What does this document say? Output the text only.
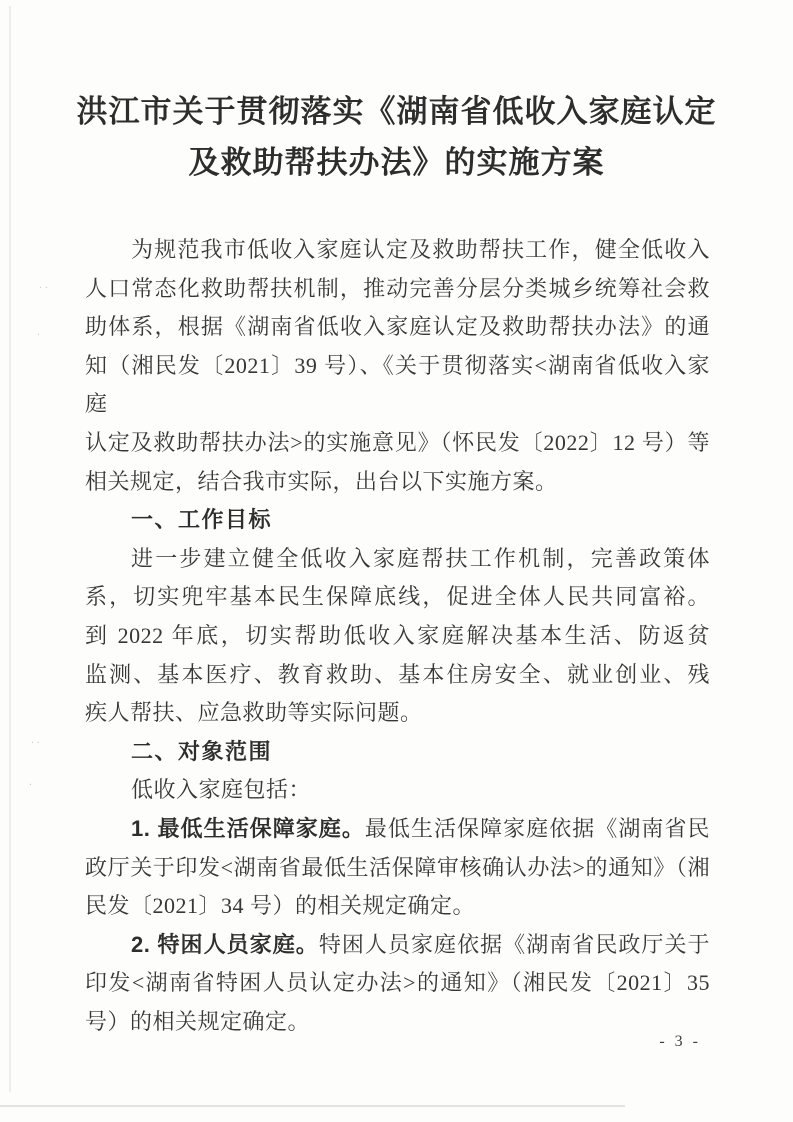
··
·
··
·
洪江市关于贯彻落实《湖南省低收入家庭认定
及救助帮扶办法》的实施方案
为规范我市低收入家庭认定及救助帮扶工作，健全低收入
人口常态化救助帮扶机制，推动完善分层分类城乡统筹社会救
助体系，根据《湖南省低收入家庭认定及救助帮扶办法》的通
知（湘民发〔2021〕39 号）、《关于贯彻落实<湖南省低收入家庭
认定及救助帮扶办法>的实施意见》（怀民发〔2022〕12 号）等
相关规定，结合我市实际，出台以下实施方案。
一、工作目标
进一步建立健全低收入家庭帮扶工作机制，完善政策体
系，切实兜牢基本民生保障底线，促进全体人民共同富裕。
到 2022 年底，切实帮助低收入家庭解决基本生活、防返贫
监测、基本医疗、教育救助、基本住房安全、就业创业、残
疾人帮扶、应急救助等实际问题。
二、对象范围
低收入家庭包括：
1. 最低生活保障家庭。最低生活保障家庭依据《湖南省民
政厅关于印发<湖南省最低生活保障审核确认办法>的通知》（湘
民发〔2021〕34 号）的相关规定确定。
2. 特困人员家庭。特困人员家庭依据《湖南省民政厅关于
印发<湖南省特困人员认定办法>的通知》（湘民发〔2021〕35
号）的相关规定确定。
- 3 -
